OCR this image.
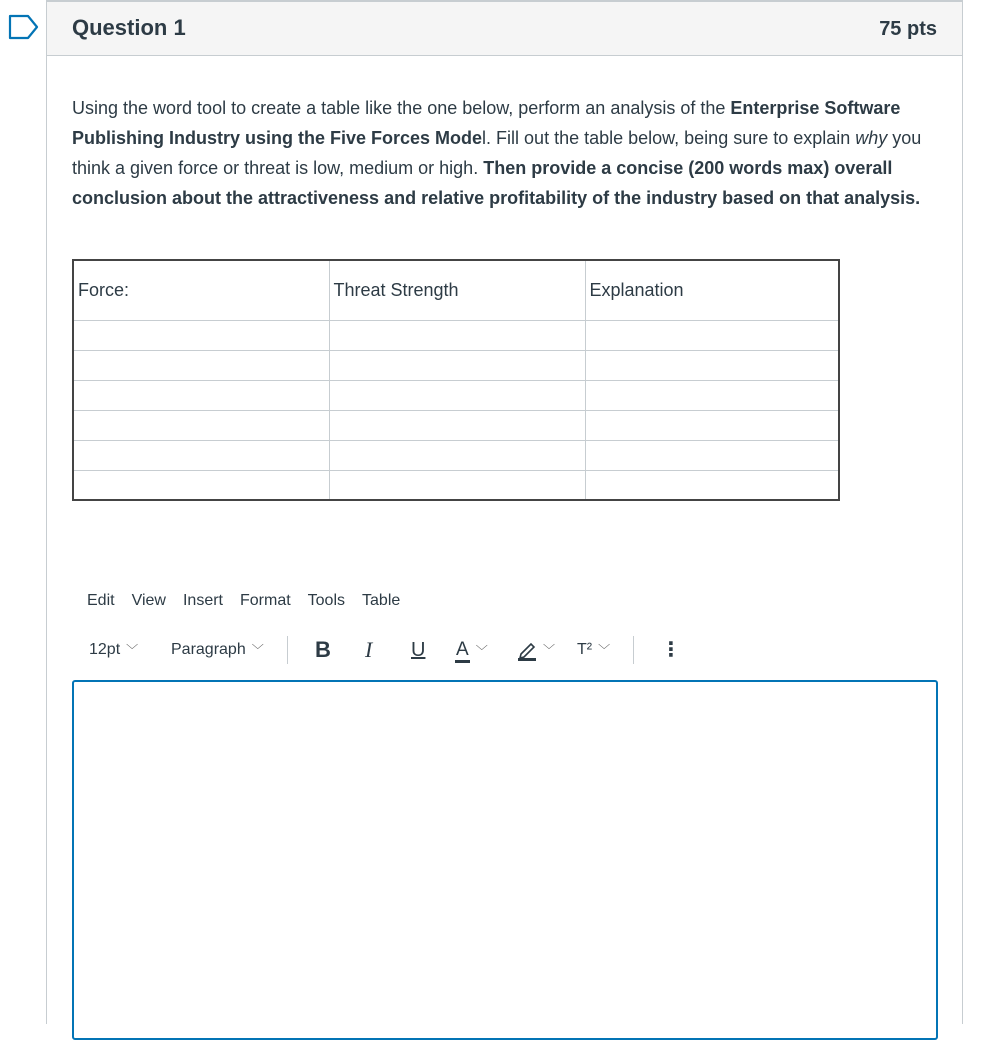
Question 1	75 pts
Using the word tool to create a table like the one below, perform an analysis of the Enterprise Software Publishing Industry using the Five Forces Model. Fill out the table below, being sure to explain why you think a given force or threat is low, medium or high. Then provide a concise (200 words max) overall conclusion about the attractiveness and relative profitability of the industry based on that analysis.
Force:	Threat Strength	Explanation

Edit View Insert Format Tools Table
12pt ﹀ Paragraph ﹀ B I U A ﹀	﹀ T² ﹀	⋮
